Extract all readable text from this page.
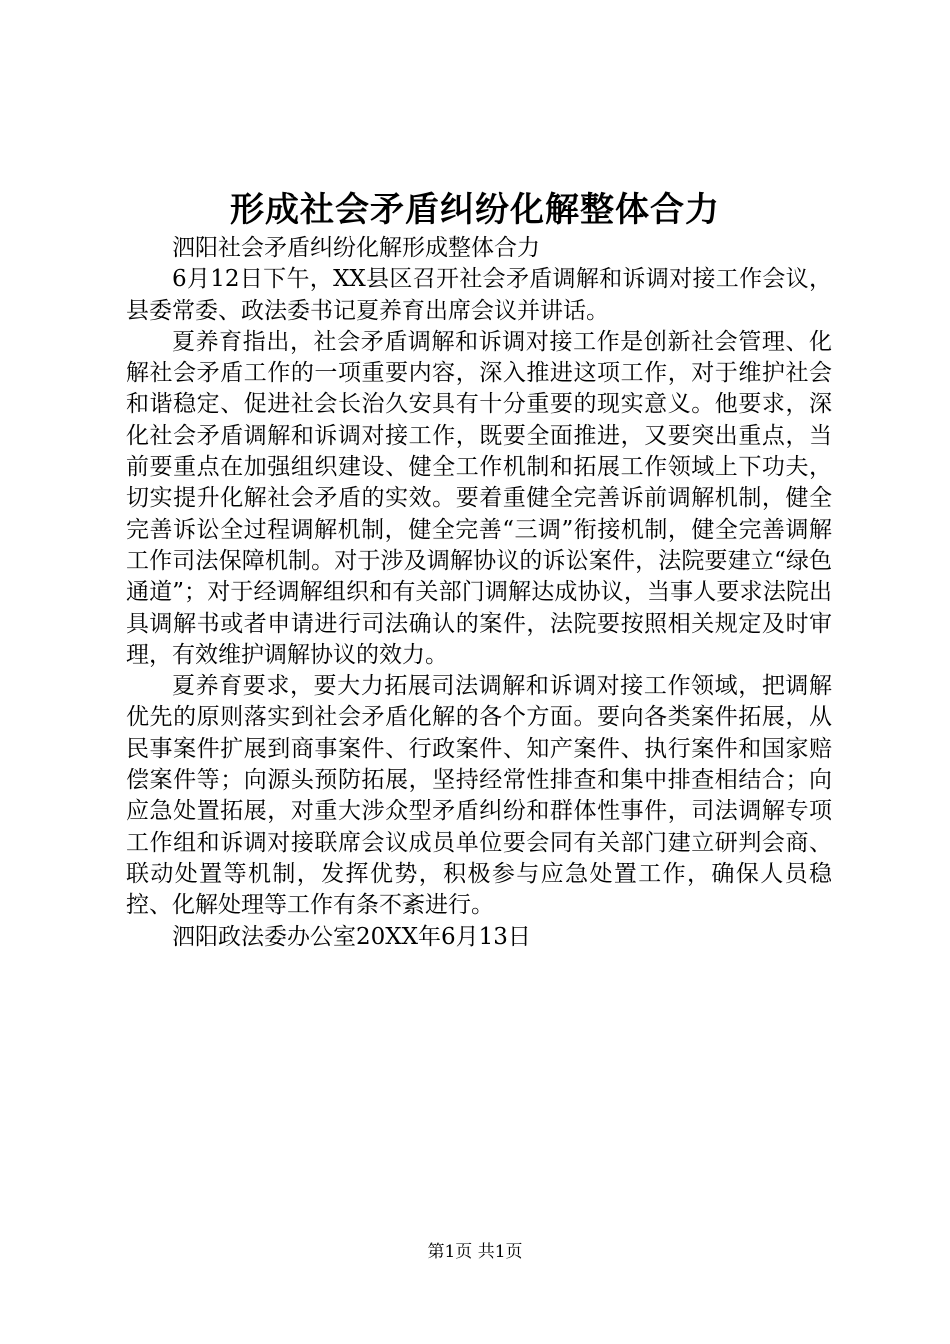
形成社会矛盾纠纷化解整体合力

泗阳社会矛盾纠纷化解形成整体合力

6月12日下午，XX县区召开社会矛盾调解和诉调对接工作会议，县委常委、政法委书记夏养育出席会议并讲话。

夏养育指出，社会矛盾调解和诉调对接工作是创新社会管理、化解社会矛盾工作的一项重要内容，深入推进这项工作，对于维护社会和谐稳定、促进社会长治久安具有十分重要的现实意义。他要求，深化社会矛盾调解和诉调对接工作，既要全面推进，又要突出重点，当前要重点在加强组织建设、健全工作机制和拓展工作领域上下功夫，切实提升化解社会矛盾的实效。要着重健全完善诉前调解机制，健全完善诉讼全过程调解机制，健全完善“三调”衔接机制，健全完善调解工作司法保障机制。对于涉及调解协议的诉讼案件，法院要建立“绿色通道”；对于经调解组织和有关部门调解达成协议，当事人要求法院出具调解书或者申请进行司法确认的案件，法院要按照相关规定及时审理，有效维护调解协议的效力。

夏养育要求，要大力拓展司法调解和诉调对接工作领域，把调解优先的原则落实到社会矛盾化解的各个方面。要向各类案件拓展，从民事案件扩展到商事案件、行政案件、知产案件、执行案件和国家赔偿案件等；向源头预防拓展，坚持经常性排查和集中排查相结合；向应急处置拓展，对重大涉众型矛盾纠纷和群体性事件，司法调解专项工作组和诉调对接联席会议成员单位要会同有关部门建立研判会商、联动处置等机制，发挥优势，积极参与应急处置工作，确保人员稳控、化解处理等工作有条不紊进行。

泗阳政法委办公室20XX年6月13日

第1页 共1页
